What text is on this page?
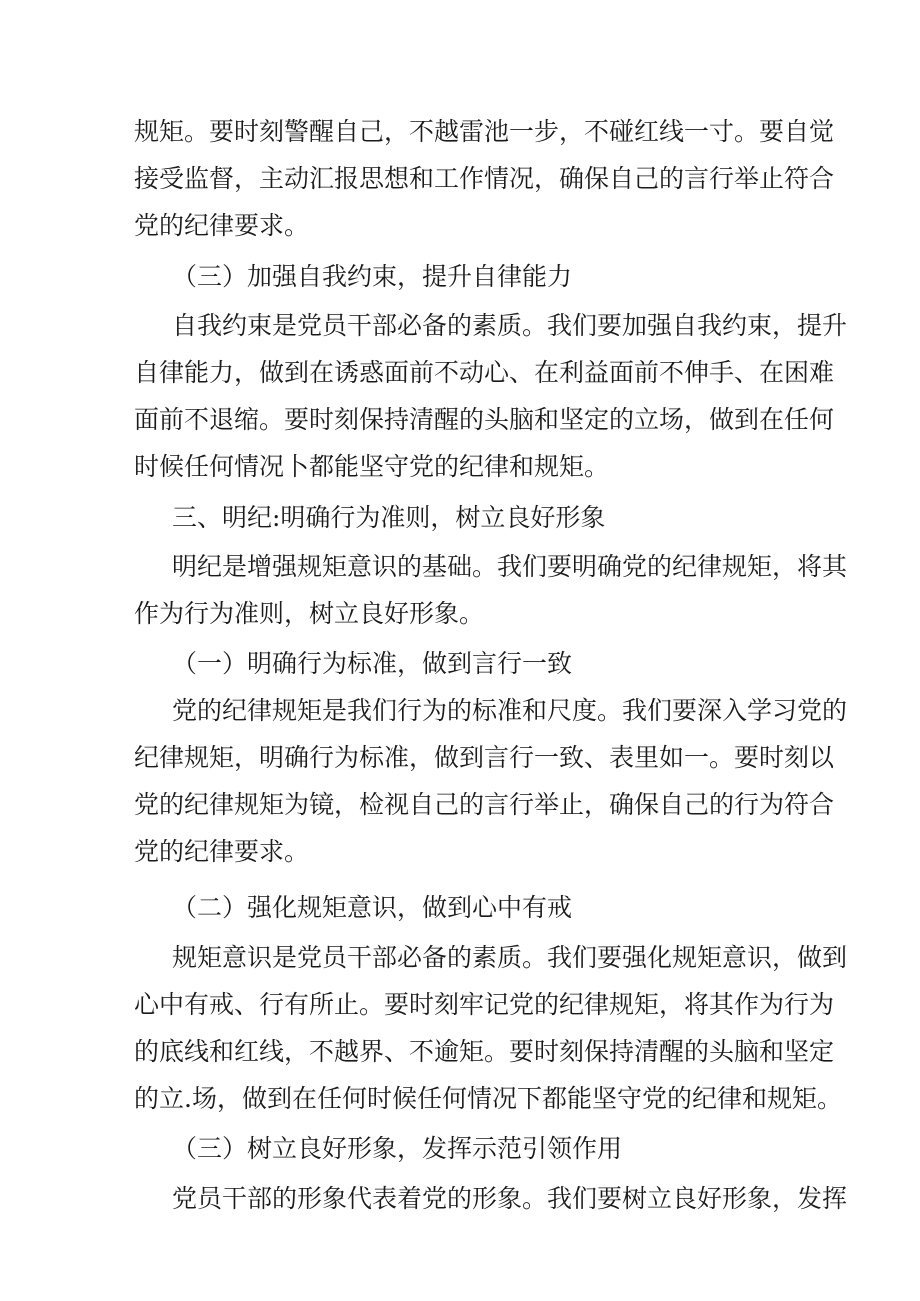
规矩。要时刻警醒自己，不越雷池一步，不碰红线一寸。要自觉
接受监督，主动汇报思想和工作情况，确保自己的言行举止符合
党的纪律要求。
（三）加强自我约束，提升自律能力
自我约束是党员干部必备的素质。我们要加强自我约束，提升
自律能力，做到在诱惑面前不动心、在利益面前不伸手、在困难
面前不退缩。要时刻保持清醒的头脑和坚定的立场，做到在任何
时候任何情况卜都能坚守党的纪律和规矩。
三、明纪:明确行为准则，树立良好形象
明纪是增强规矩意识的基础。我们要明确党的纪律规矩，将其
作为行为准则，树立良好形象。
（一）明确行为标准，做到言行一致
党的纪律规矩是我们行为的标准和尺度。我们要深入学习党的
纪律规矩，明确行为标准，做到言行一致、表里如一。要时刻以
党的纪律规矩为镜，检视自己的言行举止，确保自己的行为符合
党的纪律要求。
（二）强化规矩意识，做到心中有戒
规矩意识是党员干部必备的素质。我们要强化规矩意识，做到
心中有戒、行有所止。要时刻牢记党的纪律规矩，将其作为行为
的底线和红线，不越界、不逾矩。要时刻保持清醒的头脑和坚定
的立.场，做到在任何时候任何情况下都能坚守党的纪律和规矩。
（三）树立良好形象，发挥示范引领作用
党员干部的形象代表着党的形象。我们要树立良好形象，发挥
